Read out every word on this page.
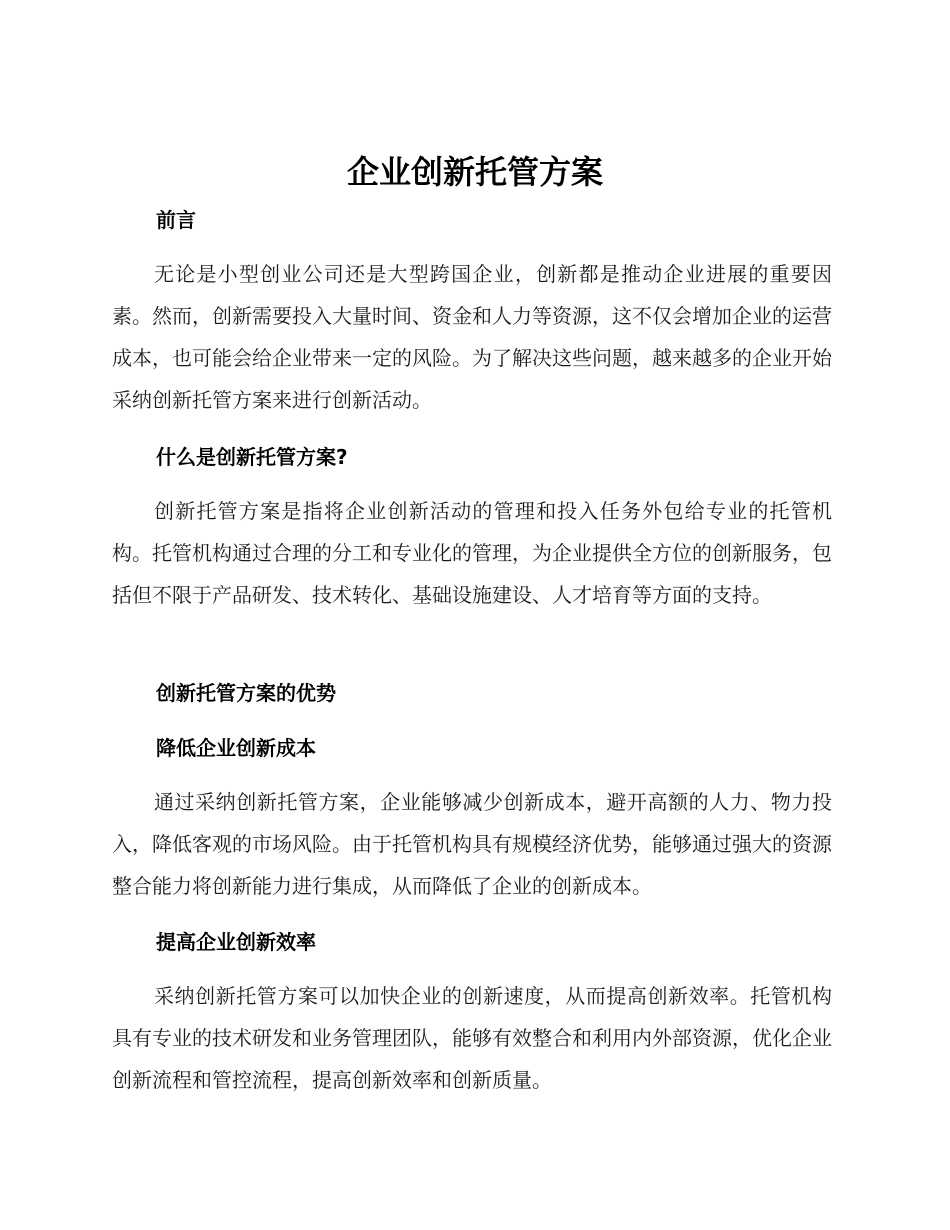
企业创新托管方案
前言
无论是小型创业公司还是大型跨国企业，创新都是推动企业进展的重要因素。然而，创新需要投入大量时间、资金和人力等资源，这不仅会增加企业的运营成本，也可能会给企业带来一定的风险。为了解决这些问题，越来越多的企业开始采纳创新托管方案来进行创新活动。
什么是创新托管方案?
创新托管方案是指将企业创新活动的管理和投入任务外包给专业的托管机构。托管机构通过合理的分工和专业化的管理，为企业提供全方位的创新服务，包括但不限于产品研发、技术转化、基础设施建设、人才培育等方面的支持。
创新托管方案的优势
降低企业创新成本
通过采纳创新托管方案，企业能够减少创新成本，避开高额的人力、物力投入，降低客观的市场风险。由于托管机构具有规模经济优势，能够通过强大的资源整合能力将创新能力进行集成，从而降低了企业的创新成本。
提高企业创新效率
采纳创新托管方案可以加快企业的创新速度，从而提高创新效率。托管机构具有专业的技术研发和业务管理团队，能够有效整合和利用内外部资源，优化企业创新流程和管控流程，提高创新效率和创新质量。
